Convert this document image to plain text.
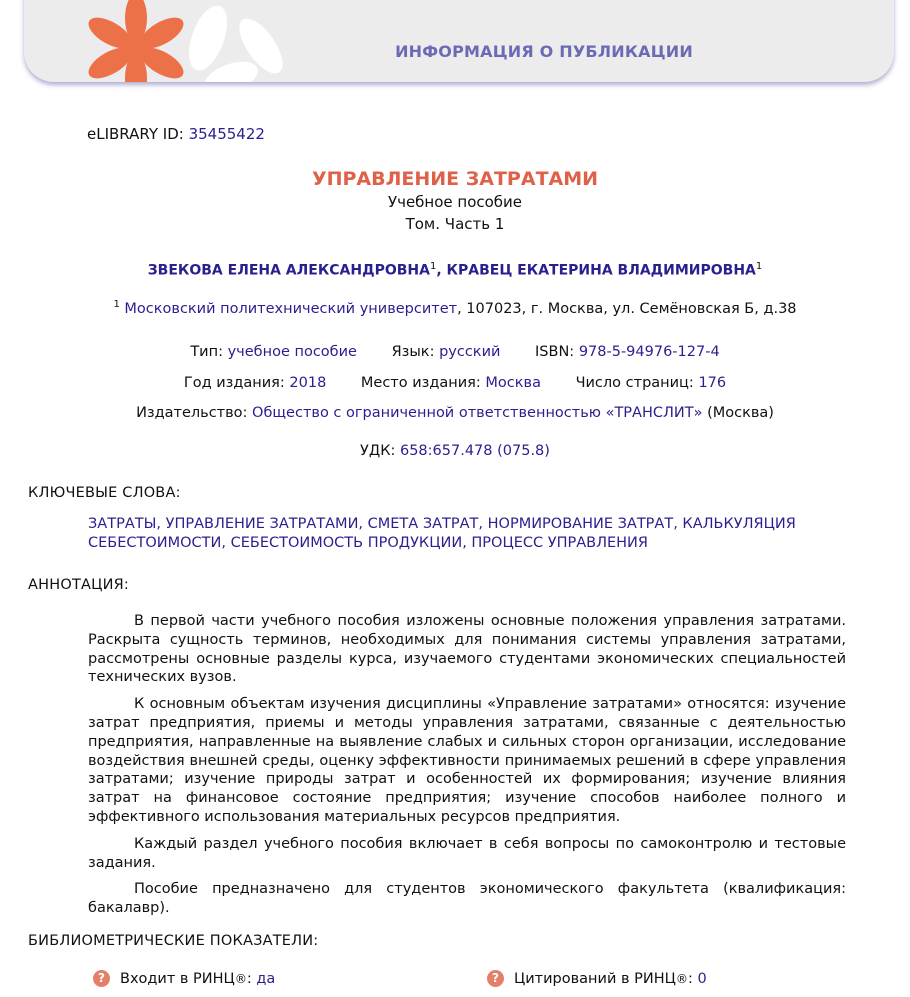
ИНФОРМАЦИЯ О ПУБЛИКАЦИИ
eLIBRARY ID: 35455422
УПРАВЛЕНИЕ ЗАТРАТАМИ
Учебное пособие
Том. Часть 1
ЗВЕКОВА ЕЛЕНА АЛЕКСАНДРОВНА$^1$, КРАВЕЦ ЕКАТЕРИНА ВЛАДИМИРОВНА$^1$
$^1$ Московский политехнический университет, 107023, г. Москва, ул. Семёновская Б, д.38
Тип: учебное пособие Язык: русский ISBN: 978-5-94976-127-4
Год издания: 2018 Место издания: Москва Число страниц: 176
Издательство: Общество с ограниченной ответственностью «ТРАНСЛИТ» (Москва)
УДК: 658:657.478 (075.8)
КЛЮЧЕВЫЕ СЛОВА:
ЗАТРАТЫ, УПРАВЛЕНИЕ ЗАТРАТАМИ, СМЕТА ЗАТРАТ, НОРМИРОВАНИЕ ЗАТРАТ, КАЛЬКУЛЯЦИЯ СЕБЕСТОИМОСТИ, СЕБЕСТОИМОСТЬ ПРОДУКЦИИ, ПРОЦЕСС УПРАВЛЕНИЯ
АННОТАЦИЯ:

В первой части учебного пособия изложены основные положения управления затратами. Раскрыта сущность терминов, необходимых для понимания системы управления затратами, рассмотрены основные разделы курса, изучаемого студентами экономических специальностей технических вузов.

К основным объектам изучения дисциплины «Управление затратами» относятся: изучение затрат предприятия, приемы и методы управления затратами, связанные с деятельностью предприятия, направленные на выявление слабых и сильных сторон организации, исследование воздействия внешней среды, оценку эффективности принимаемых решений в сфере управления затратами; изучение природы затрат и особенностей их формирования; изучение влияния затрат на финансовое состояние предприятия; изучение способов наиболее полного и эффективного использования материальных ресурсов предприятия.

Каждый раздел учебного пособия включает в себя вопросы по самоконтролю и тестовые задания.

Пособие предназначено для студентов экономического факультета (квалификация: бакалавр).

БИБЛИОМЕТРИЧЕСКИЕ ПОКАЗАТЕЛИ:
?	Входит в РИНЦ ® : да	?	Цитирований в РИНЦ ® : 0
